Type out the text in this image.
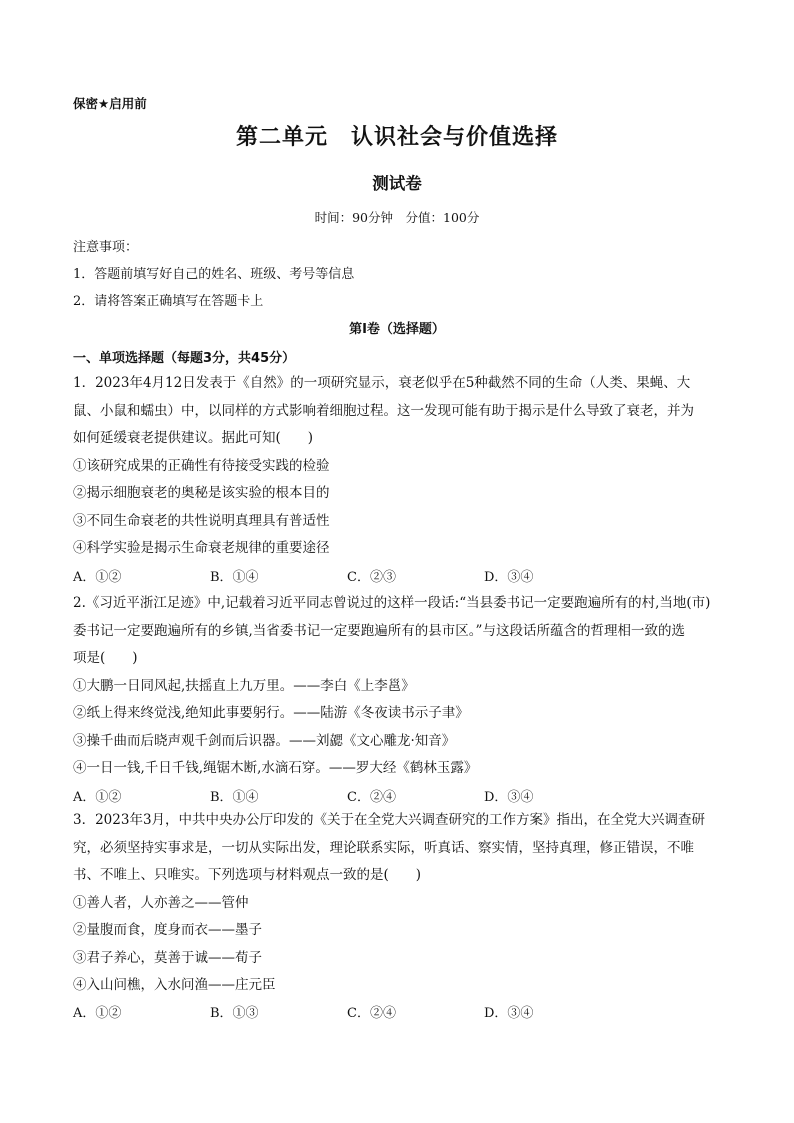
保密★启用前
第二单元　认识社会与价值选择
测试卷
时间：90分钟　分值：100分
注意事项：
1．答题前填写好自己的姓名、班级、考号等信息
2．请将答案正确填写在答题卡上
第Ⅰ卷（选择题）
一、单项选择题（每题3分，共45分）
1．2023年4月12日发表于《自然》的一项研究显示，衰老似乎在5种截然不同的生命（人类、果蝇、大
鼠、小鼠和蠕虫）中，以同样的方式影响着细胞过程。这一发现可能有助于揭示是什么导致了衰老，并为
如何延缓衰老提供建议。据此可知(　　)
①该研究成果的正确性有待接受实践的检验
②揭示细胞衰老的奥秘是该实验的根本目的
③不同生命衰老的共性说明真理具有普适性
④科学实验是揭示生命衰老规律的重要途径
A．①②	B．①④	C．②③	D．③④
2.《习近平浙江足迹》中,记载着习近平同志曾说过的这样一段话:“当县委书记一定要跑遍所有的村,当地(市)
委书记一定要跑遍所有的乡镇,当省委书记一定要跑遍所有的县市区。”与这段话所蕴含的哲理相一致的选
项是(　　)
①大鹏一日同风起,扶摇直上九万里。——李白《上李邕》
②纸上得来终觉浅,绝知此事要躬行。——陆游《冬夜读书示子聿》
③操千曲而后晓声观千剑而后识器。——刘勰《文心雕龙·知音》
④一日一钱,千日千钱,绳锯木断,水滴石穿。——罗大经《鹤林玉露》
A．①②	B．①④	C．②④	D．③④
3．2023年3月，中共中央办公厅印发的《关于在全党大兴调查研究的工作方案》指出，在全党大兴调查研
究，必须坚持实事求是，一切从实际出发，理论联系实际，听真话、察实情，坚持真理，修正错误，不唯
书、不唯上、只唯实。下列选项与材料观点一致的是(　　)
①善人者，人亦善之——管仲
②量腹而食，度身而衣——墨子
③君子养心，莫善于诚——荀子
④入山问樵，入水问渔——庄元臣
A．①②	B．①③	C．②④	D．③④
